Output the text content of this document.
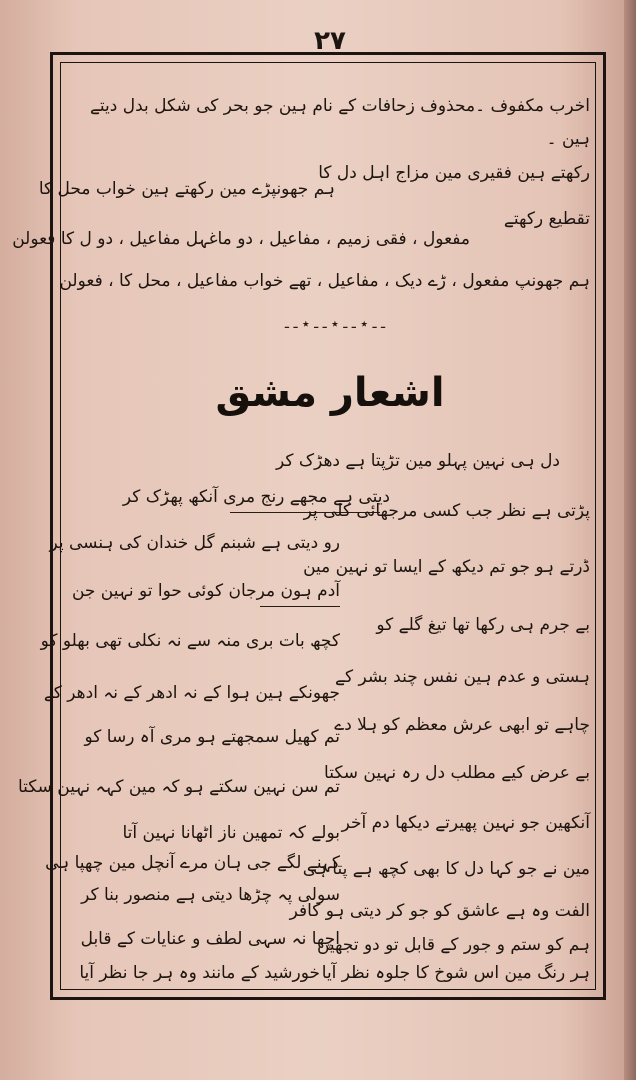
۲۷
اخرب مکفوف ۔محذوف زحافات کے نام ہین جو بحر کی شکل بدل دیتے
ہین ۔
رکھتے ہین فقیری مین مزاج اہل دل کا
ہم جھونپڑے مین رکھتے ہین خواب محل کا
تقطیع رکھتے
مفعول ، فقی زمیم ، مفاعیل ، دو ماغہل مفاعیل ، دو ل کا فعولن
ہم جھونپ مفعول ، ڑے دیک ، مفاعیل ، تھے خواب مفاعیل ، محل کا ، فعولن
ـ ـ ٭ ـ ـ ٭ ـ ـ ٭ ـ ـ
اشعار مشق
دل ہی نہین پہلو مین تڑپتا ہے دھڑک کر
دیتی ہے مجھے رنج مری آنکھ پھڑک کر
پڑتی ہے نظر جب کسی مرجھائی کلی پر
رو دیتی ہے شبنم گل خندان کی ہنسی پر
ڈرتے ہو جو تم دیکھ کے ایسا تو نہین مین
آدم ہون مرجان کوئی حوا تو نہین جن
بے جرم ہی رکھا تھا تیغ گلے کو
کچھ بات بری منہ سے نہ نکلی تھی بھلو کو
ہستی و عدم ہین نفس چند بشر کے
جھونکے ہین ہوا کے نہ ادھر کے نہ ادھر کے
چاہے تو ابھی عرش معظم کو ہلا دے
تم کھیل سمجھتے ہو مری آہ رسا کو
بے عرض کیے مطلب دل رہ نہین سکتا
تم سن نہین سکتے ہو کہ مین کہہ نہین سکتا
آنکھین جو نہین پھیرتے دیکھا دم آخر
بولے کہ تمھین ناز اٹھانا نہین آتا
مین نے جو کہا دل کا بھی کچھ ہے پتا ہی
کہنے لگے جی ہان مرے آنچل مین چھپا ہی
الفت وہ ہے عاشق کو جو کر دیتی ہو کافر
سولی پہ چڑھا دیتی ہے منصور بنا کر
ہم کو ستم و جور کے قابل تو دو تجھین
اچھا نہ سہی لطف و عنایات کے قابل
ہر رنگ مین اس شوخ کا جلوہ نظر آیا
خورشید کے مانند وہ ہر جا نظر آیا
